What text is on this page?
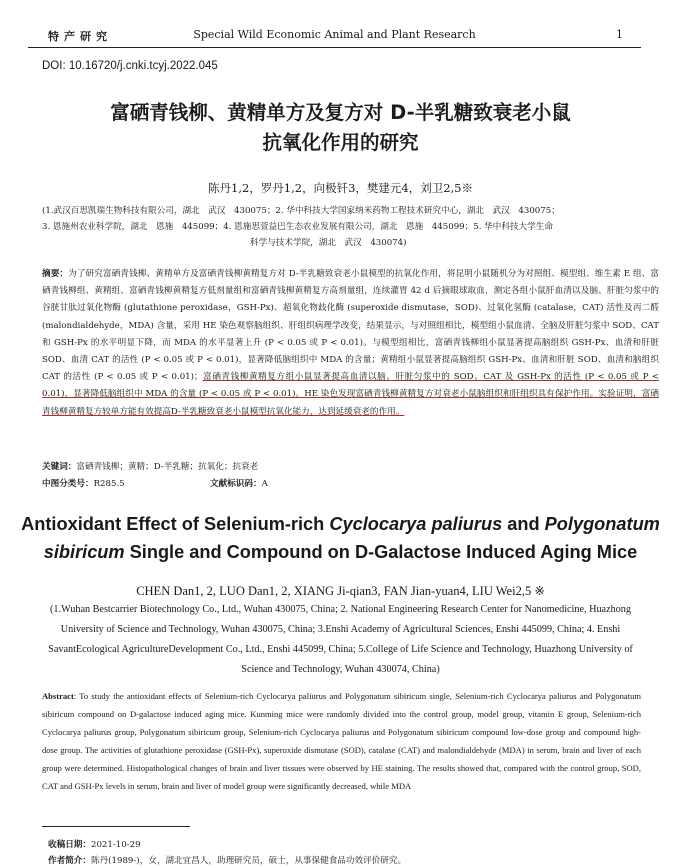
特产研究	Special Wild Economic Animal and Plant Research	1
DOI: 10.16720/j.cnki.tcyj.2022.045
富硒青钱柳、黄精单方及复方对 D-半乳糖致衰老小鼠
抗氧化作用的研究
陈丹1,2，罗丹1,2，向极钎3，樊建元4，刘卫2,5※
(1.武汉百思凯瑞生物科技有限公司，湖北　武汉　430075；2. 华中科技大学国家纳米药物工程技术研究中心，湖北　武汉　430075；
3. 恩施州农业科学院，湖北　恩施　445099；4. 恩施思萱益巴生态农业发展有限公司，湖北　恩施　445099；5. 华中科技大学生命
科学与技术学院，湖北　武汉　430074)
摘要：为了研究富硒青钱柳、黄精单方及富硒青钱柳黄精复方对 D-半乳糖致衰老小鼠模型的抗氧化作用，将昆明小鼠随机分为对照组、模型组、维生素 E 组、富硒青钱柳组、黄精组、富硒青钱柳黄精复方低剂量组和富硒青钱柳黄精复方高剂量组，连续灌胃 42 d 后摘眼球取血，测定各组小鼠肝血清以及脑、肝脏匀浆中的谷胱甘肽过氧化物酶 (glutathione peroxidase，GSH-Px)、超氧化物歧化酶 (superoxide dismutase，SOD)、过氧化氢酶 (catalase，CAT) 活性及丙二醛 (malondialdehyde，MDA) 含量，采用 HE 染色观察脑组织、肝组织病理学改变，结果显示，与对照组相比，模型组小鼠血清、全脑及肝脏匀浆中 SOD、CAT 和 GSH-Px 的水平明显下降，而 MDA 的水平显著上升 (P < 0.05 或 P < 0.01)。与模型组相比，富硒青钱柳组小鼠显著提高脑组织 GSH-Px、血清和肝脏 SOD、血清 CAT 的活性 (P < 0.05 或 P < 0.01)，显著降低脑组织中 MDA 的含量；黄精组小鼠显著提高脑组织 GSH-Px、血清和肝脏 SOD、血清和脑组织 CAT 的活性 (P < 0.05 或 P < 0.01)；富硒青钱柳黄精复方组小鼠显著提高血清以脑、肝脏匀浆中的 SOD、CAT 及 GSH-Px 的活性 (P < 0.05 或 P < 0.01)，显著降低脑组织中 MDA 的含量 (P < 0.05 或 P < 0.01)。HE 染色发现富硒青钱柳黄精复方对衰老小鼠脑组织和肝组织具有保护作用。实验证明，富硒青钱柳黄精复方较单方能有效提高D-半乳糖致衰老小鼠模型抗氧化能力，达到延缓衰老的作用。
关键词：富硒青钱柳；黄精；D-半乳糖；抗氧化；抗衰老
中图分类号：R285.5	文献标识码：A
Antioxidant Effect of Selenium-rich Cyclocarya paliurus and Polygonatum sibiricum Single and Compound on D-Galactose Induced Aging Mice
CHEN Dan1, 2, LUO Dan1, 2, XIANG Ji-qian3, FAN Jian-yuan4, LIU Wei2,5 ※
(1.Wuhan Bestcarrier Biotechnology Co., Ltd., Wuhan 430075, China; 2. National Engineering Research Center for Nanomedicine, Huazhong University of Science and Technology, Wuhan 430075, China; 3.Enshi Academy of Agricultural Sciences, Enshi 445099, China; 4. Enshi SavantEcological AgricultureDevelopment Co., Ltd., Enshi 445099, China; 5.College of Life Science and Technology, Huazhong University of Science and Technology, Wuhan 430074, China)
Abstract: To study the antioxidant effects of Selenium-rich Cyclocarya paliurus and Polygonatum sibiricum single, Selenium-rich Cyclocarya paliurus and Polygonatum sibiricum compound on D-galactose induced aging mice. Kunming mice were randomly divided into the control group, model group, vitamin E group, Selenium-rich Cyclocarya paliurus group, Polygonatum sibiricum group, Selenium-rich Cyclocarya paliurus and Polygonatum sibiricum compound low-dose group and compound high-dose group. The activities of glutathione peroxidase (GSH-Px), superoxide dismutase (SOD), catalase (CAT) and malondialdehyde (MDA) in serum, brain and liver of each group were determined. Histopathological changes of brain and liver tissues were observed by HE staining. The results showed that, compared with the control group, SOD, CAT and GSH-Px levels in serum, brain and liver of model group were significantly decreased, while MDA
收稿日期：2021-10-29
作者简介：陈丹(1989-)，女，湖北宜昌人，助理研究员，硕士，从事保健食品功效评价研究。
